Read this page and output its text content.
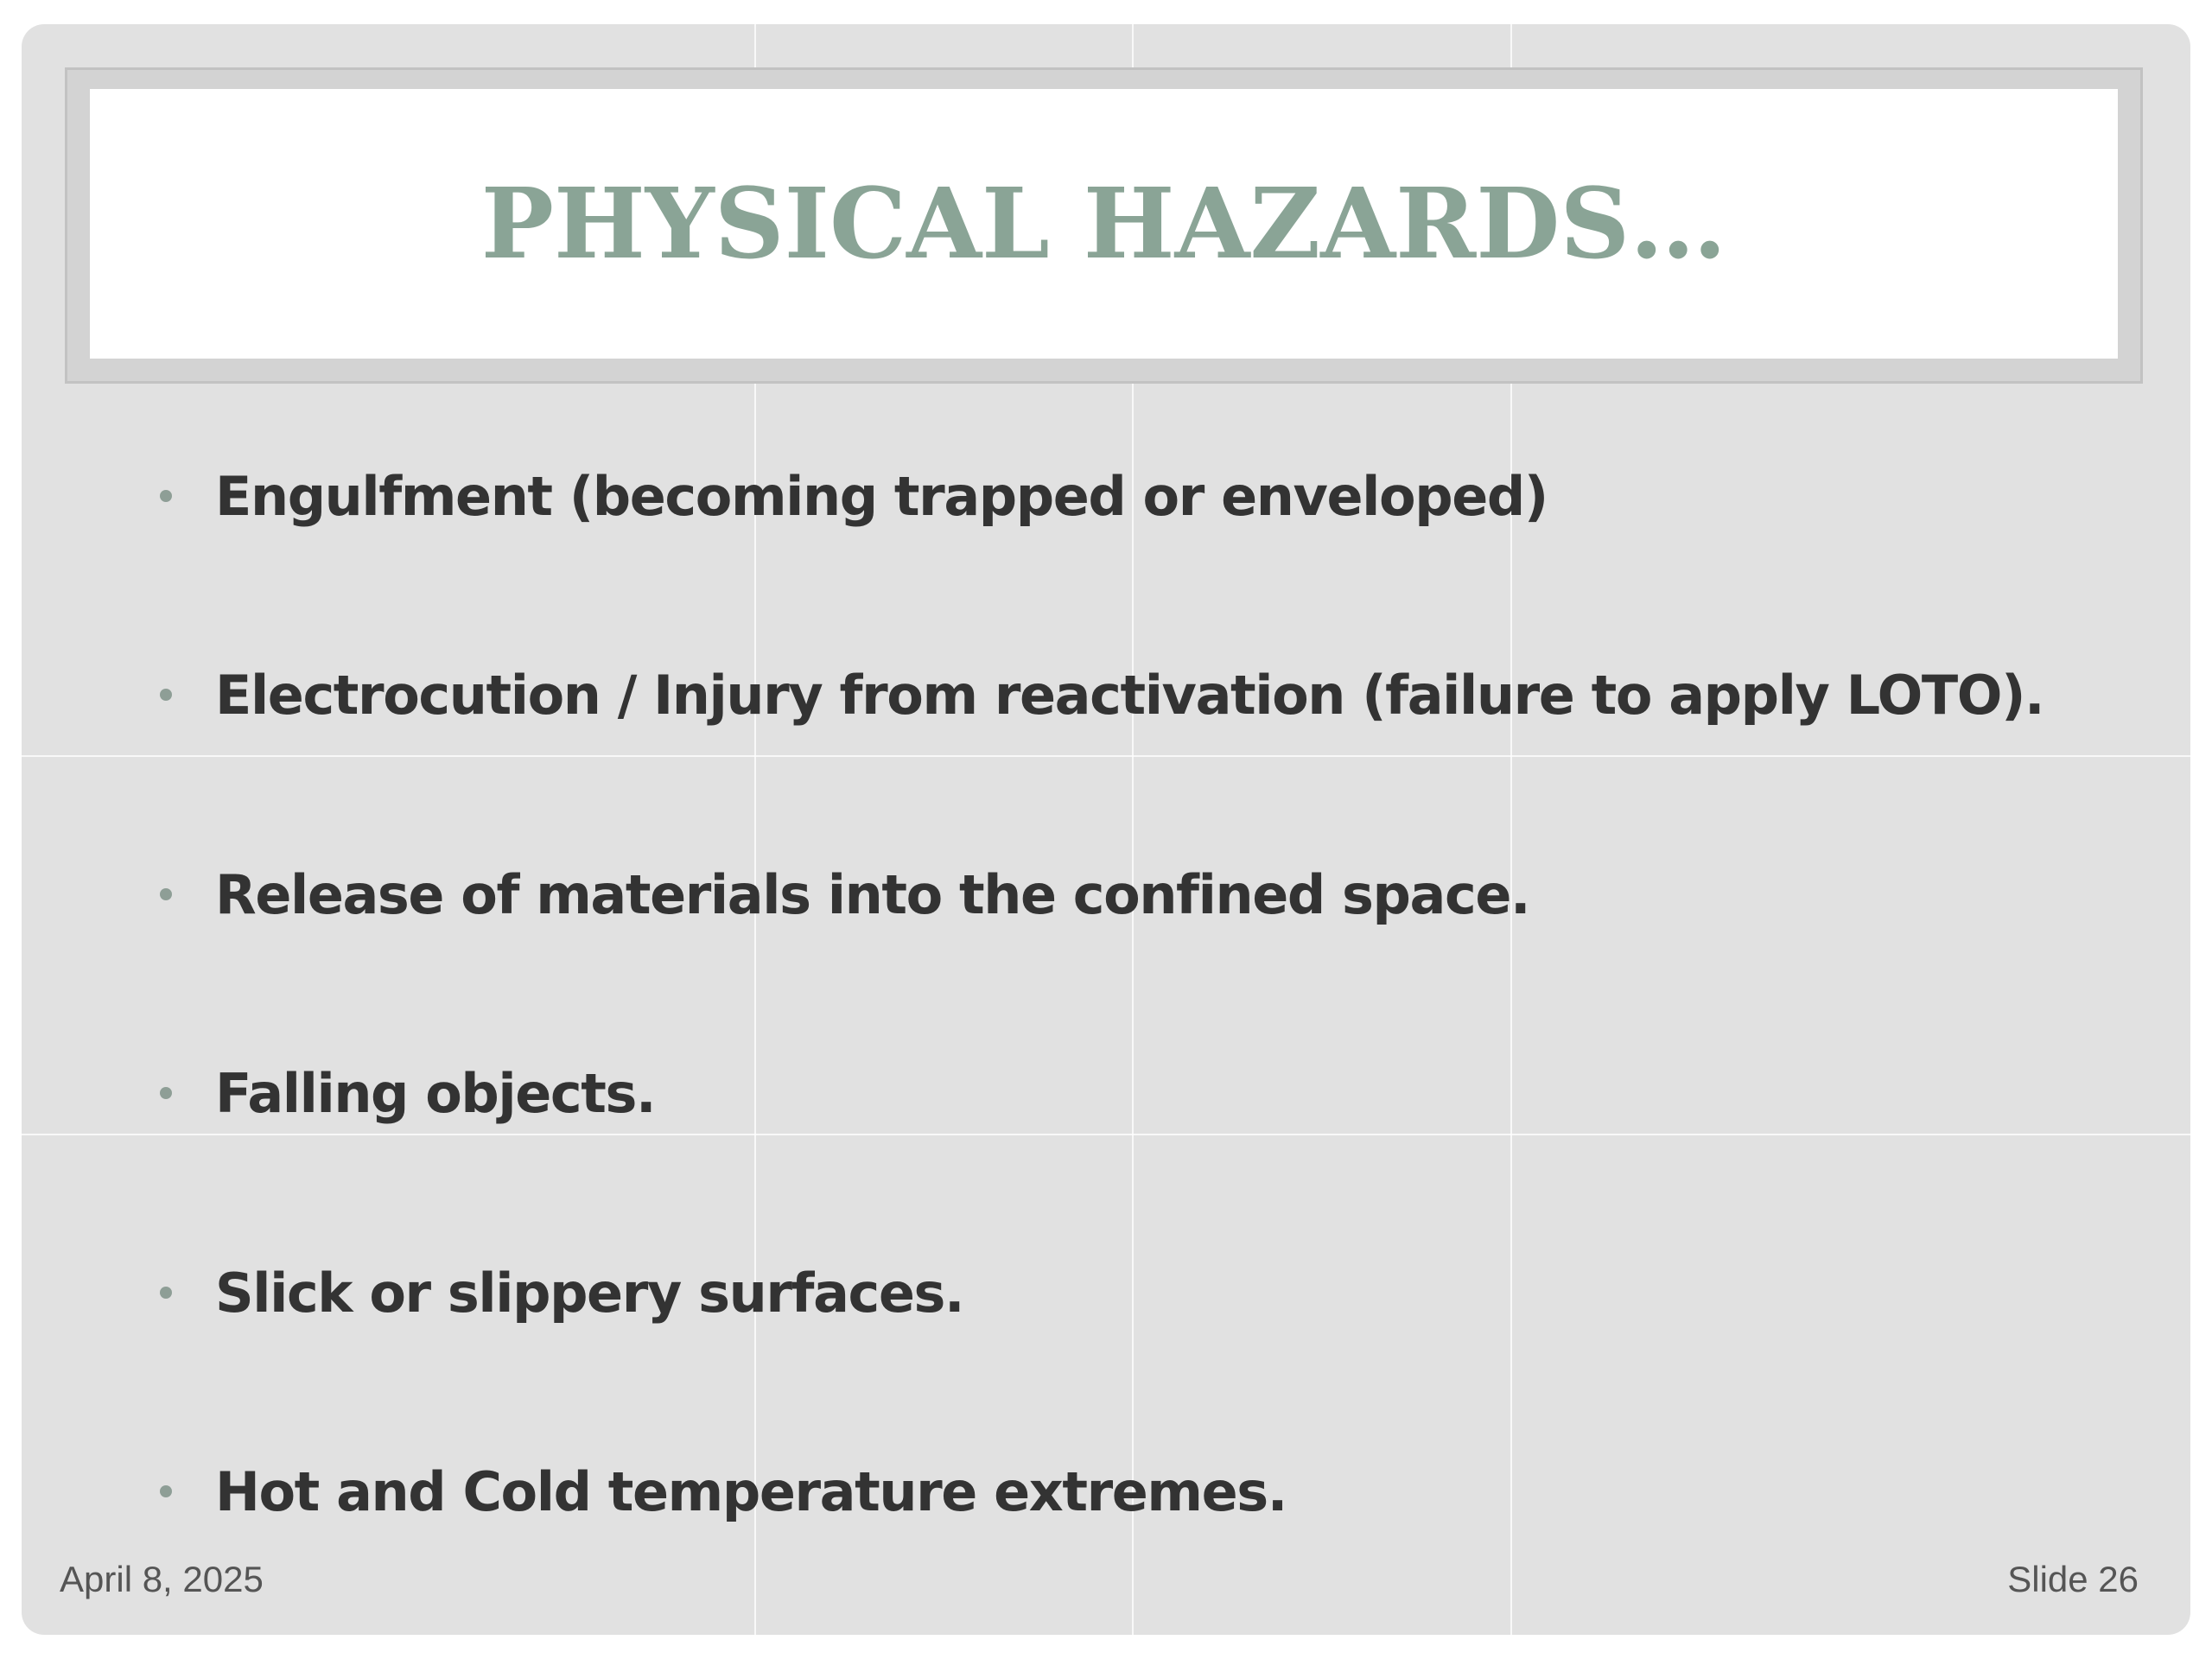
PHYSICAL HAZARDS…
Engulfment (becoming trapped or enveloped)
Electrocution / Injury from reactivation (failure to apply LOTO).
Release of materials into the confined space.
Falling objects.
Slick or slippery surfaces.
Hot and Cold temperature extremes.
April 8, 2025	Slide 26
